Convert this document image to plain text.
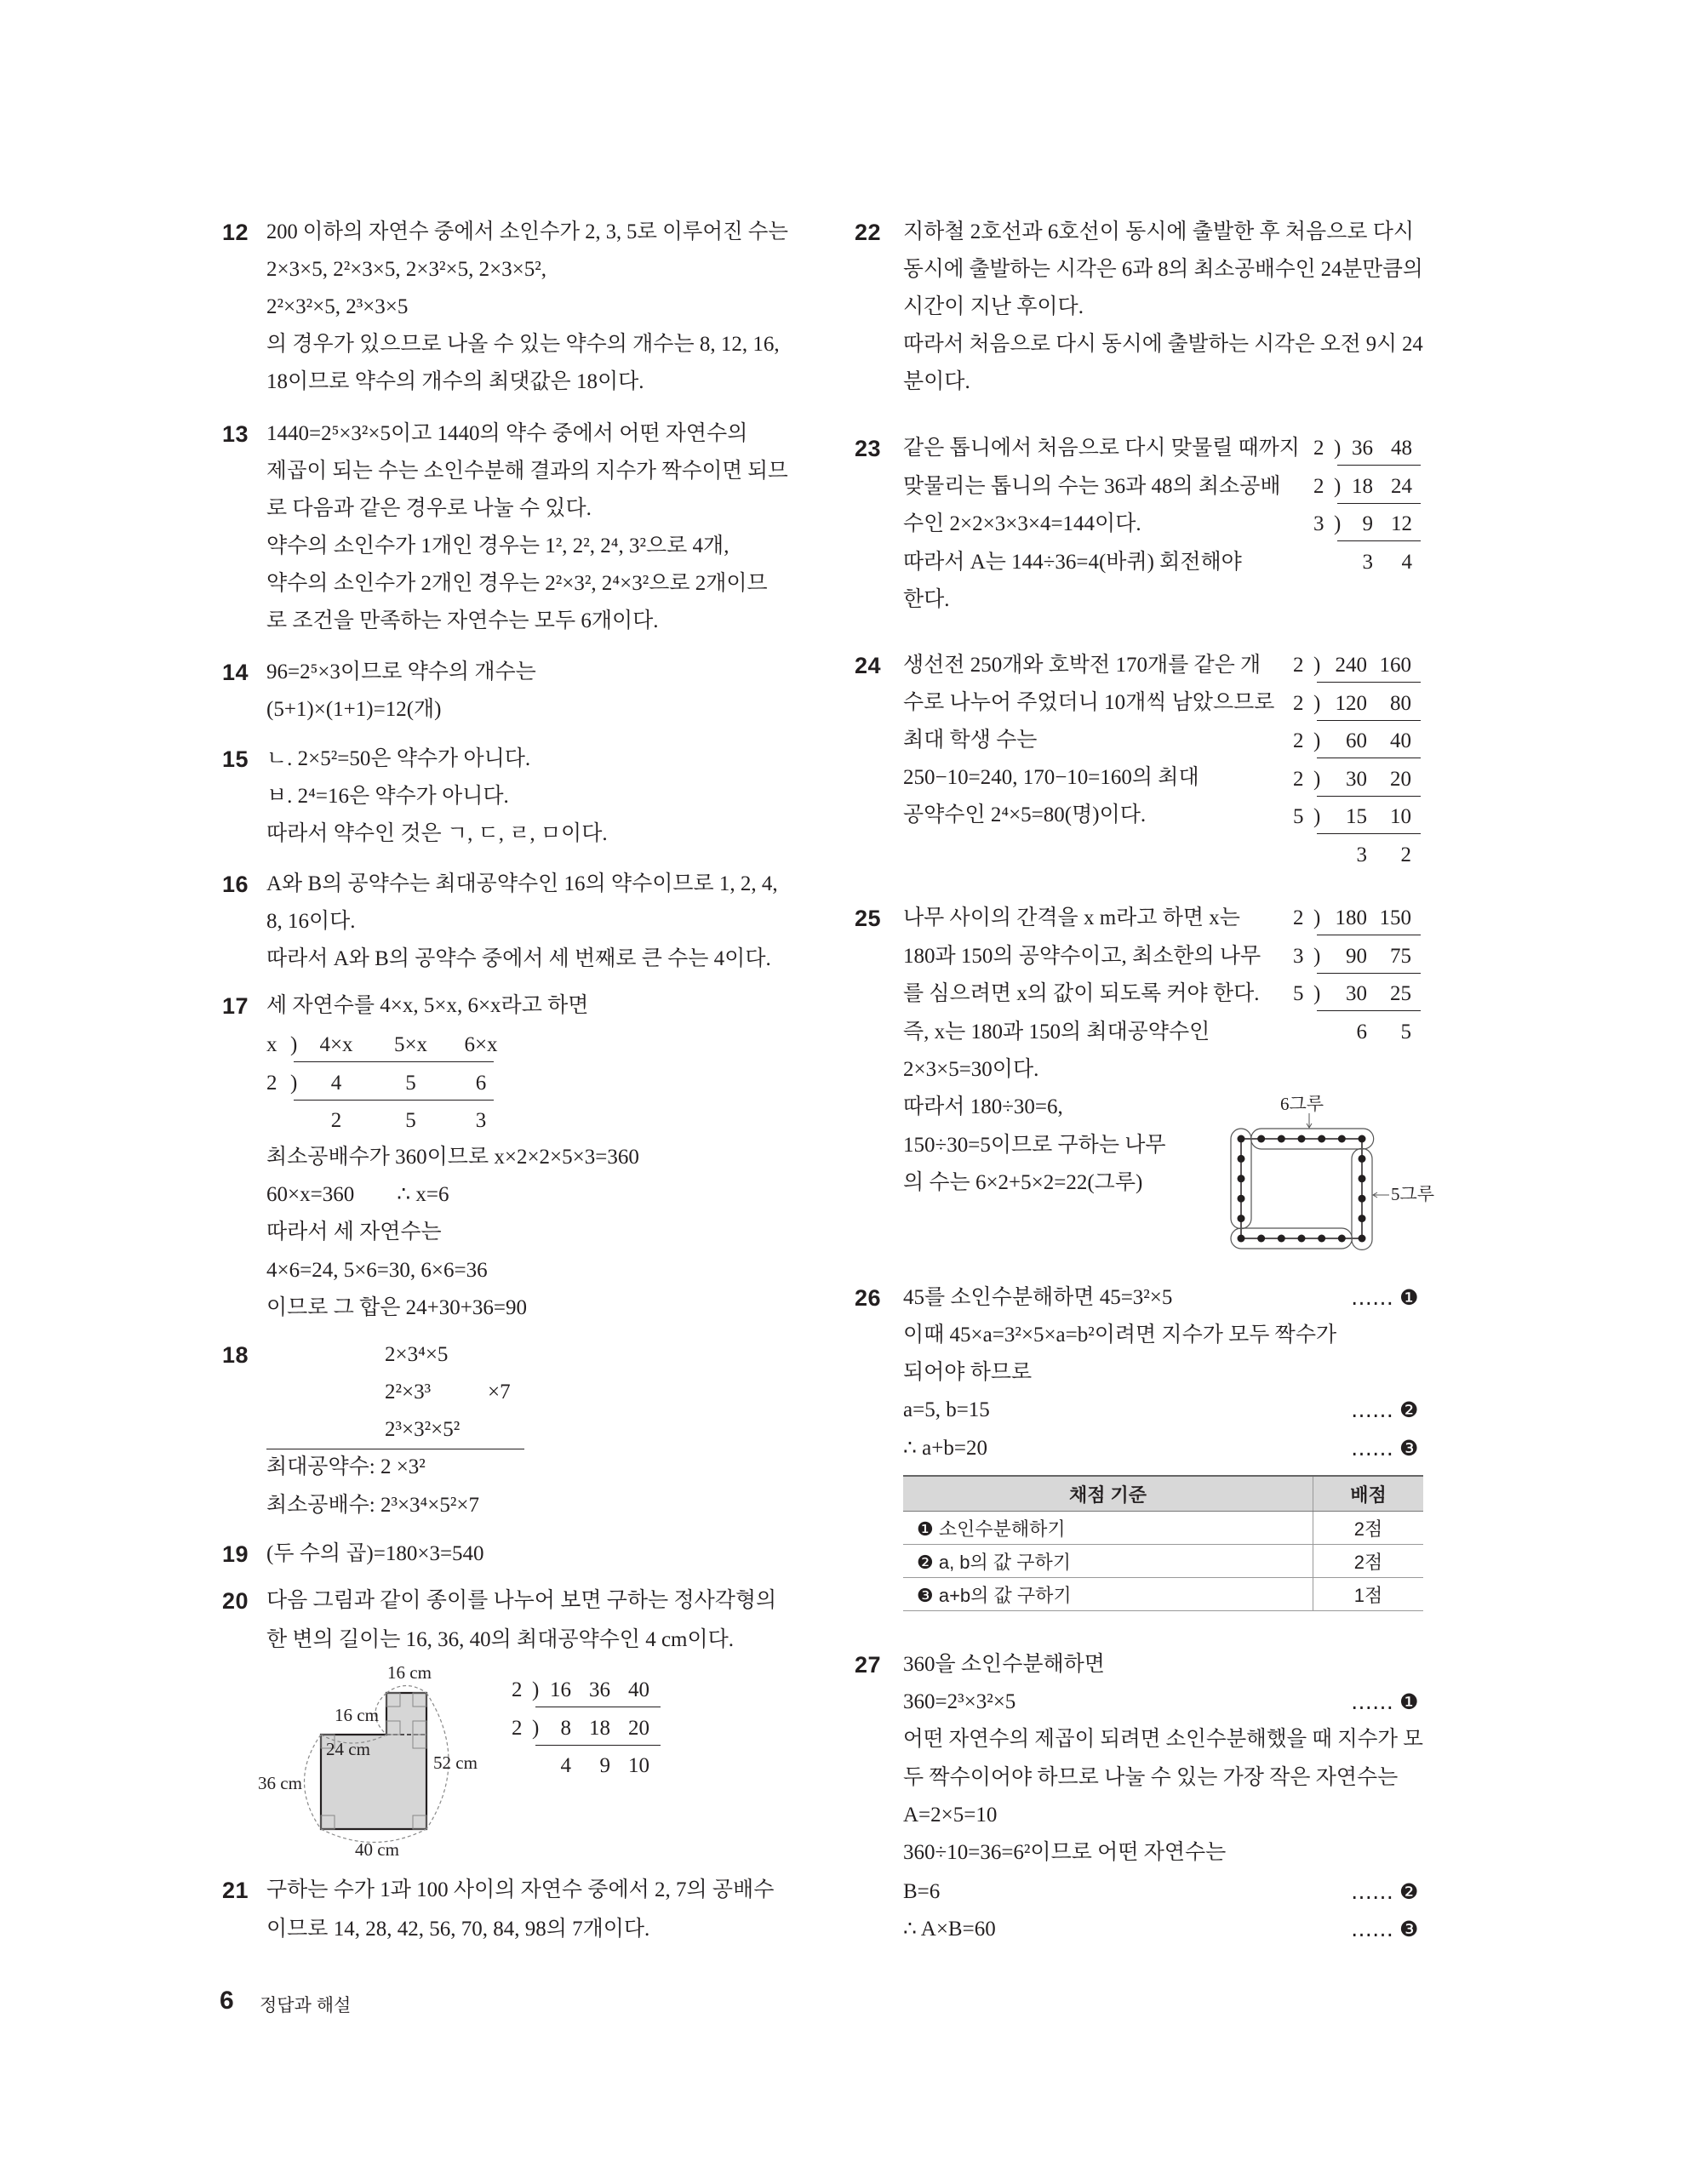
6 정답과 해설
16 cm
16 cm
24 cm
52 cm
36 cm
40 cm
6그루
5그루
12 200 이하의 자연수 중에서 소인수가 2, 3, 5로 이루어진 수는
2×3×5, 2²×3×5, 2×3²×5, 2×3×5²,
2²×3²×5, 2³×3×5
의 경우가 있으므로 나올 수 있는 약수의 개수는 8, 12, 16,
18이므로 약수의 개수의 최댓값은 18이다.
13 1440=2⁵×3²×5이고 1440의 약수 중에서 어떤 자연수의
제곱이 되는 수는 소인수분해 결과의 지수가 짝수이면 되므
로 다음과 같은 경우로 나눌 수 있다.
약수의 소인수가 1개인 경우는 1², 2², 2⁴, 3²으로 4개,
약수의 소인수가 2개인 경우는 2²×3², 2⁴×3²으로 2개이므
로 조건을 만족하는 자연수는 모두 6개이다.
14 96=2⁵×3이므로 약수의 개수는
(5+1)×(1+1)=12(개)
15 ㄴ. 2×5²=50은 약수가 아니다.
ㅂ. 2⁴=16은 약수가 아니다.
따라서 약수인 것은 ㄱ, ㄷ, ㄹ, ㅁ이다.
16 A와 B의 공약수는 최대공약수인 16의 약수이므로 1, 2, 4,
8, 16이다.
따라서 A와 B의 공약수 중에서 세 번째로 큰 수는 4이다.
17 세 자연수를 4×x, 5×x, 6×x라고 하면
최소공배수가 360이므로 x×2×2×5×3=360
60×x=360        ∴ x=6
따라서 세 자연수는
4×6=24, 5×6=30, 6×6=36
이므로 그 합은 24+30+36=90
x )	4×x	5×x	6×x
2 )	4	5	6
2	5	3
18	2×3⁴×5
2²×3³	×7
2³×3²×5²
최대공약수: 2 ×3²
최소공배수: 2³×3⁴×5²×7
19 (두 수의 곱)=180×3=540
20 다음 그림과 같이 종이를 나누어 보면 구하는 정사각형의
한 변의 길이는 16, 36, 40의 최대공약수인 4 cm이다.
2 ) 16 36 40
2 )	8 18 20
4	9 10
21 구하는 수가 1과 100 사이의 자연수 중에서 2, 7의 공배수
이므로 14, 28, 42, 56, 70, 84, 98의 7개이다.
22 지하철 2호선과 6호선이 동시에 출발한 후 처음으로 다시
동시에 출발하는 시각은 6과 8의 최소공배수인 24분만큼의
시간이 지난 후이다.
따라서 처음으로 다시 동시에 출발하는 시각은 오전 9시 24
분이다.
23 같은 톱니에서 처음으로 다시 맞물릴 때까지
맞물리는 톱니의 수는 36과 48의 최소공배
수인 2×2×3×3×4=144이다.
따라서 A는 144÷36=4(바퀴) 회전해야
한다.
2 ) 36 48
2 ) 18 24
3 )	9 12
3	4
24 생선전 250개와 호박전 170개를 같은 개
수로 나누어 주었더니 10개씩 남았으므로
최대 학생 수는
250−10=240, 170−10=160의 최대
공약수인 2⁴×5=80(명)이다.
2 ) 240 160
2 ) 120	80
2 )	60	40
2 )	30	20
5 )	15	10
3	2
25 나무 사이의 간격을 x m라고 하면 x는
180과 150의 공약수이고, 최소한의 나무
를 심으려면 x의 값이 되도록 커야 한다.
즉, x는 180과 150의 최대공약수인
2×3×5=30이다.
따라서 180÷30=6,
150÷30=5이므로 구하는 나무
의 수는 6×2+5×2=22(그루)
2 ) 180 150
3 )	90	75
5 )	30	25
6	5
26 45를 소인수분해하면 45=3²×5	…… ❶
이때 45×a=3²×5×a=b²이려면 지수가 모두 짝수가
되어야 하므로
a=5, b=15	…… ❷
∴ a+b=20	…… ❸
채점 기준	배점
❶ 소인수분해하기	2점
❷ a, b의 값 구하기	2점
❸ a+b의 값 구하기	1점
27 360을 소인수분해하면
360=2³×3²×5	…… ❶
어떤 자연수의 제곱이 되려면 소인수분해했을 때 지수가 모
두 짝수이어야 하므로 나눌 수 있는 가장 작은 자연수는
A=2×5=10
360÷10=36=6²이므로 어떤 자연수는
B=6	…… ❷
∴ A×B=60	…… ❸
